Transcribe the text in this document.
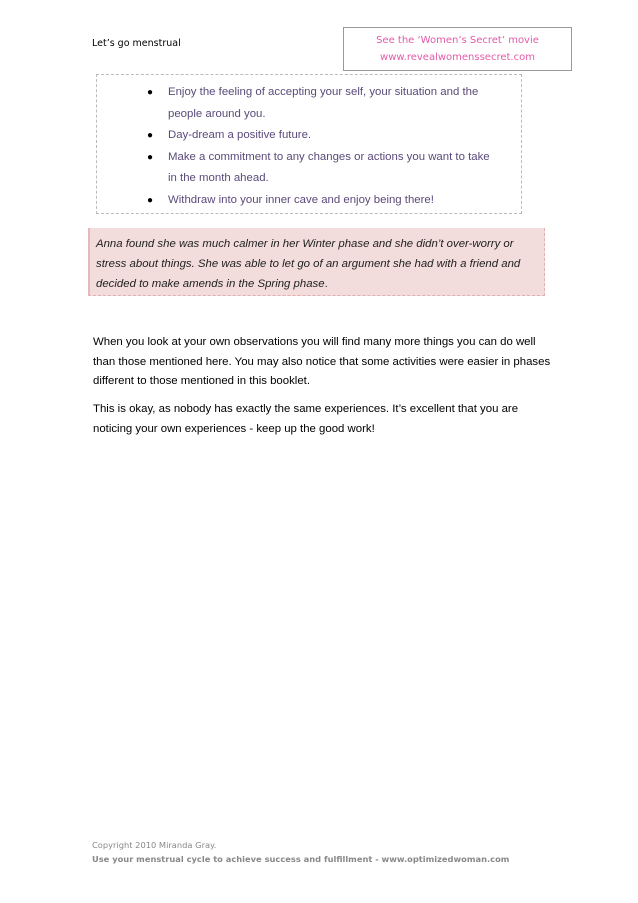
Let’s go menstrual	See the ‘Women’s Secret’ movie
www.revealwomenssecret.com
● Enjoy the feeling of accepting your self, your situation and the people around you.
● Day-dream a positive future.
● Make a commitment to any changes or actions you want to take in the month ahead.
● Withdraw into your inner cave and enjoy being there!
Anna found she was much calmer in her Winter phase and she didn’t over-worry or stress about things. She was able to let go of an argument she had with a friend and decided to make amends in the Spring phase.

When you look at your own observations you will find many more things you can do well than those mentioned here. You may also notice that some activities were easier in phases different to those mentioned in this booklet.

This is okay, as nobody has exactly the same experiences. It’s excellent that you are noticing your own experiences - keep up the good work!

Copyright 2010 Miranda Gray.
Use your menstrual cycle to achieve success and fulfillment - www.optimizedwoman.com
